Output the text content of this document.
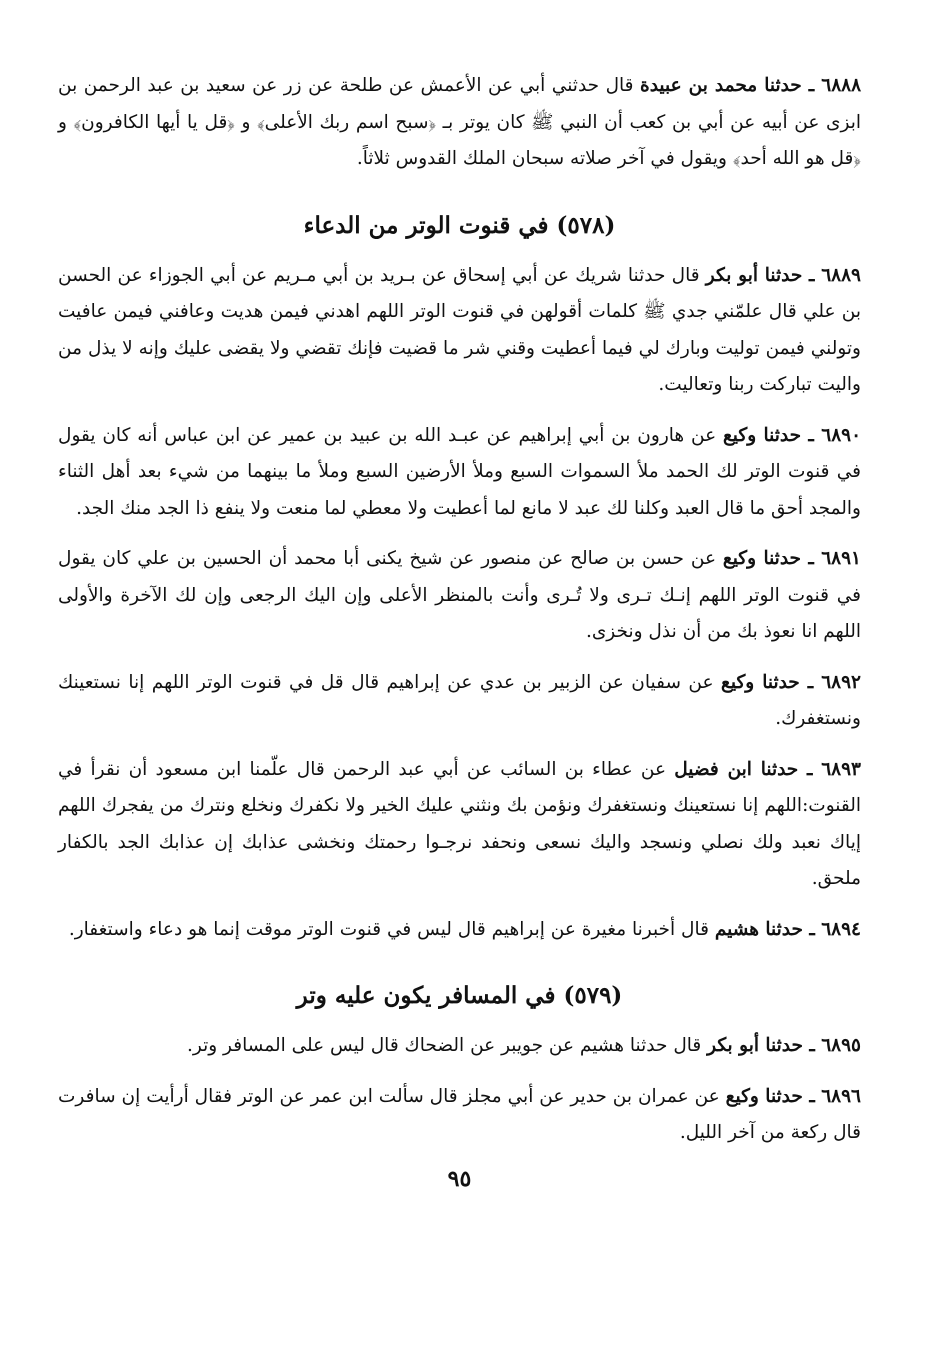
٦٨٨٨ ـ حدثنا محمد بن عبيدة قال حدثني أبي عن الأعمش عن طلحة عن زر عن سعيد بن عبد الرحمن بن ابزى عن أبيه عن أبي بن كعب أن النبي ﷺ كان يوتر بـ ﴿سبح اسم ربك الأعلى﴾ و ﴿قل يا أيها الكافرون﴾ و ﴿قل هو الله أحد﴾ ويقول في آخر صلاته سبحان الملك القدوس ثلاثاً.

(٥٧٨) في قنوت الوتر من الدعاء

٦٨٨٩ ـ حدثنا أبو بكر قال حدثنا شريك عن أبي إسحاق عن بـريد بن أبي مـريم عن أبي الجوزاء عن الحسن بن علي قال علمّني جدي ﷺ كلمات أقولهن في قنوت الوتر اللهم اهدني فيمن هديت وعافني فيمن عافيت وتولني فيمن توليت وبارك لي فيما أعطيت وقني شر ما قضيت فإنك تقضي ولا يقضى عليك وإنه لا يذل من واليت تباركت ربنا وتعاليت.

٦٨٩٠ ـ حدثنا وكيع عن هارون بن أبي إبراهيم عن عبـد الله بن عبيد بن عمير عن ابن عباس أنه كان يقول في قنوت الوتر لك الحمد ملأ السموات السبع وملأ الأرضين السبع وملأ ما بينهما من شيء بعد أهل الثناء والمجد أحق ما قال العبد وكلنا لك عبد لا مانع لما أعطيت ولا معطي لما منعت ولا ينفع ذا الجد منك الجد.

٦٨٩١ ـ حدثنا وكيع عن حسن بن صالح عن منصور عن شيخ يكنى أبا محمد أن الحسين بن علي كان يقول في قنوت الوتر اللهم إنـك تـرى ولا تُـرى وأنت بالمنظر الأعلى وإن اليك الرجعى وإن لك الآخرة والأولى اللهم انا نعوذ بك من أن نذل ونخزى.

٦٨٩٢ ـ حدثنا وكيع عن سفيان عن الزبير بن عدي عن إبراهيم قال قل في قنوت الوتر اللهم إنا نستعينك ونستغفرك.

٦٨٩٣ ـ حدثنا ابن فضيل عن عطاء بن السائب عن أبي عبد الرحمن قال علّمنا ابن مسعود أن نقرأ في القنوت:اللهم إنا نستعينك ونستغفرك ونؤمن بك ونثني عليك الخير ولا نكفرك ونخلع ونترك من يفجرك اللهم إياك نعبد ولك نصلي ونسجد واليك نسعى ونحفد نرجـوا رحمتك ونخشى عذابك إن عذابك الجد بالكفار ملحق.

٦٨٩٤ ـ حدثنا هشيم قال أخبرنا مغيرة عن إبراهيم قال ليس في قنوت الوتر موقت إنما هو دعاء واستغفار.

(٥٧٩) في المسافر يكون عليه وتر

٦٨٩٥ ـ حدثنا أبو بكر قال حدثنا هشيم عن جويبر عن الضحاك قال ليس على المسافر وتر.

٦٨٩٦ ـ حدثنا وكيع عن عمران بن حدير عن أبي مجلز قال سألت ابن عمر عن الوتر فقال أرأيت إن سافرت قال ركعة من آخر الليل.

٩٥
